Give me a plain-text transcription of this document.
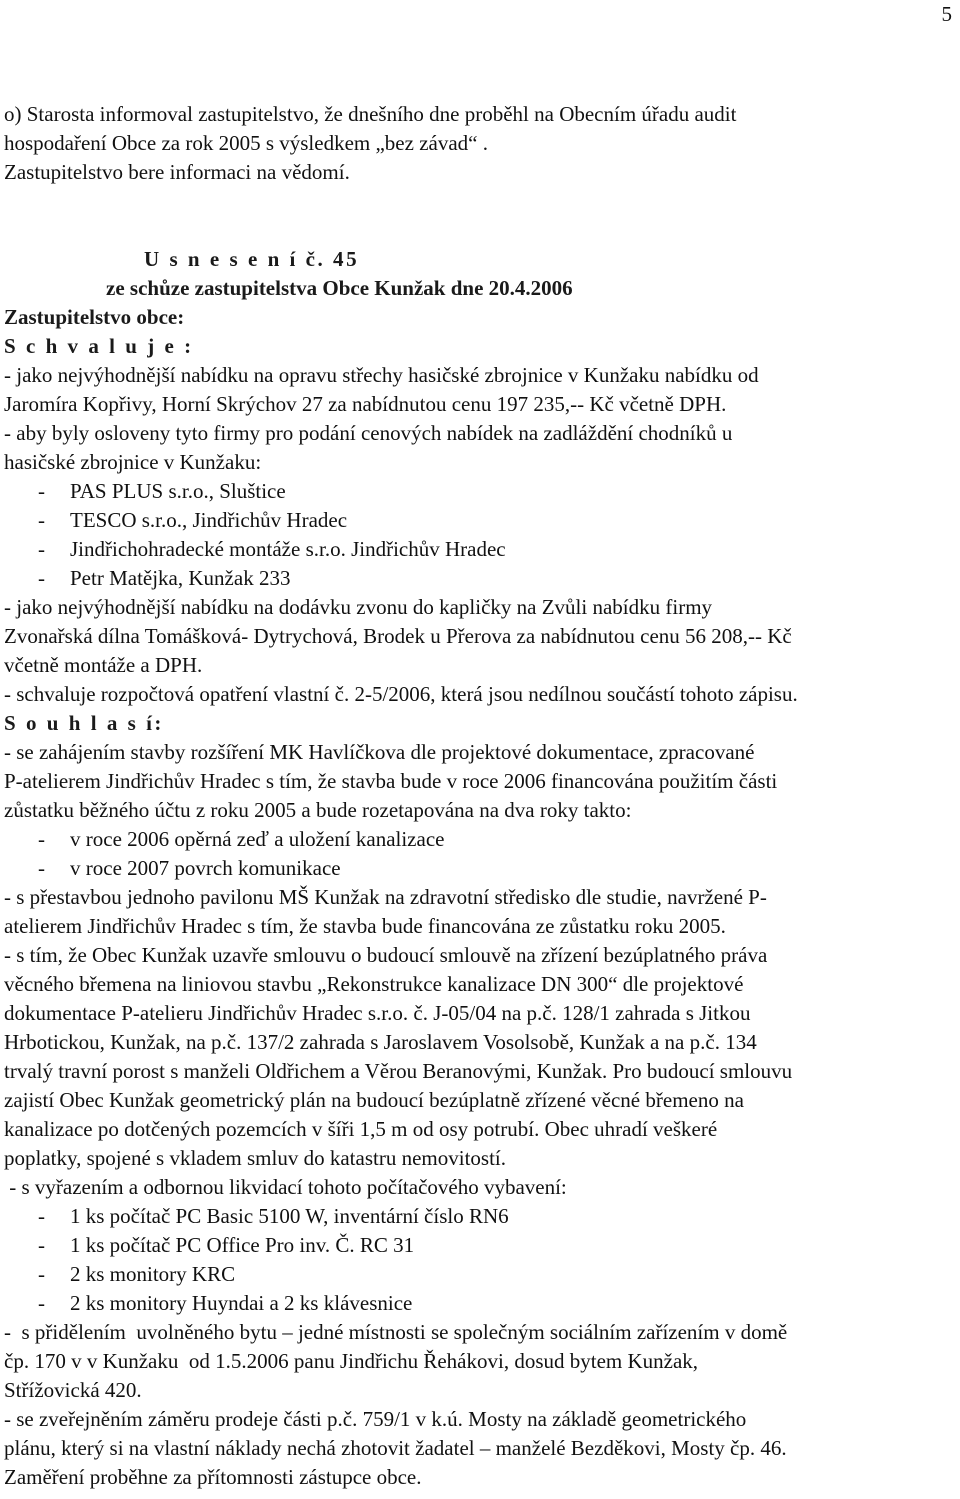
5
o) Starosta informoval zastupitelstvo, že dnešního dne proběhl na Obecním úřadu audit
hospodaření Obce za rok 2005 s výsledkem „bez závad“ .
Zastupitelstvo bere informaci na vědomí.
U s n e s e n í č. 45
ze schůze zastupitelstva Obce Kunžak dne 20.4.2006
Zastupitelstvo obce:
S c h v a l u j e :
- jako nejvýhodnější nabídku na opravu střechy hasičské zbrojnice v Kunžaku nabídku od
Jaromíra Kopřivy, Horní Skrýchov 27 za nabídnutou cenu 197 235,-- Kč včetně DPH.
- aby byly osloveny tyto firmy pro podání cenových nabídek na zadláždění chodníků u
hasičské zbrojnice v Kunžaku:
-	PAS PLUS s.r.o., Sluštice
-	TESCO s.r.o., Jindřichův Hradec
-	Jindřichohradecké montáže s.r.o. Jindřichův Hradec
-	Petr Matějka, Kunžak 233
- jako nejvýhodnější nabídku na dodávku zvonu do kapličky na Zvůli nabídku firmy
Zvonařská dílna Tomášková- Dytrychová, Brodek u Přerova za nabídnutou cenu 56 208,-- Kč
včetně montáže a DPH.
- schvaluje rozpočtová opatření vlastní č. 2-5/2006, která jsou nedílnou součástí tohoto zápisu.
S o u h l a s í:
- se zahájením stavby rozšíření MK Havlíčkova dle projektové dokumentace, zpracované
P-atelierem Jindřichův Hradec s tím, že stavba bude v roce 2006 financována použitím části
zůstatku běžného účtu z roku 2005 a bude rozetapována na dva roky takto:
-	v roce 2006 opěrná zeď a uložení kanalizace
-	v roce 2007 povrch komunikace
- s přestavbou jednoho pavilonu MŠ Kunžak na zdravotní středisko dle studie, navržené P-
atelierem Jindřichův Hradec s tím, že stavba bude financována ze zůstatku roku 2005.
- s tím, že Obec Kunžak uzavře smlouvu o budoucí smlouvě na zřízení bezúplatného práva
věcného břemena na liniovou stavbu „Rekonstrukce kanalizace DN 300“ dle projektové
dokumentace P-atelieru Jindřichův Hradec s.r.o. č. J-05/04 na p.č. 128/1 zahrada s Jitkou
Hrbotickou, Kunžak, na p.č. 137/2 zahrada s Jaroslavem Vosolsobě, Kunžak a na p.č. 134
trvalý travní porost s manželi Oldřichem a Věrou Beranovými, Kunžak. Pro budoucí smlouvu
zajistí Obec Kunžak geometrický plán na budoucí bezúplatně zřízené věcné břemeno na
kanalizace po dotčených pozemcích v šíři 1,5 m od osy potrubí. Obec uhradí veškeré
poplatky, spojené s vkladem smluv do katastru nemovitostí.
- s vyřazením a odbornou likvidací tohoto počítačového vybavení:
-	1 ks počítač PC Basic 5100 W, inventární číslo RN6
-	1 ks počítač PC Office Pro inv. Č. RC 31
-	2 ks monitory KRC
-	2 ks monitory Huyndai a 2 ks klávesnice
-  s přidělením  uvolněného bytu – jedné místnosti se společným sociálním zařízením v domě
čp. 170 v v Kunžaku  od 1.5.2006 panu Jindřichu Řehákovi, dosud bytem Kunžak,
Střížovická 420.
- se zveřejněním záměru prodeje části p.č. 759/1 v k.ú. Mosty na základě geometrického
plánu, který si na vlastní náklady nechá zhotovit žadatel – manželé Bezděkovi, Mosty čp. 46.
Zaměření proběhne za přítomnosti zástupce obce.
